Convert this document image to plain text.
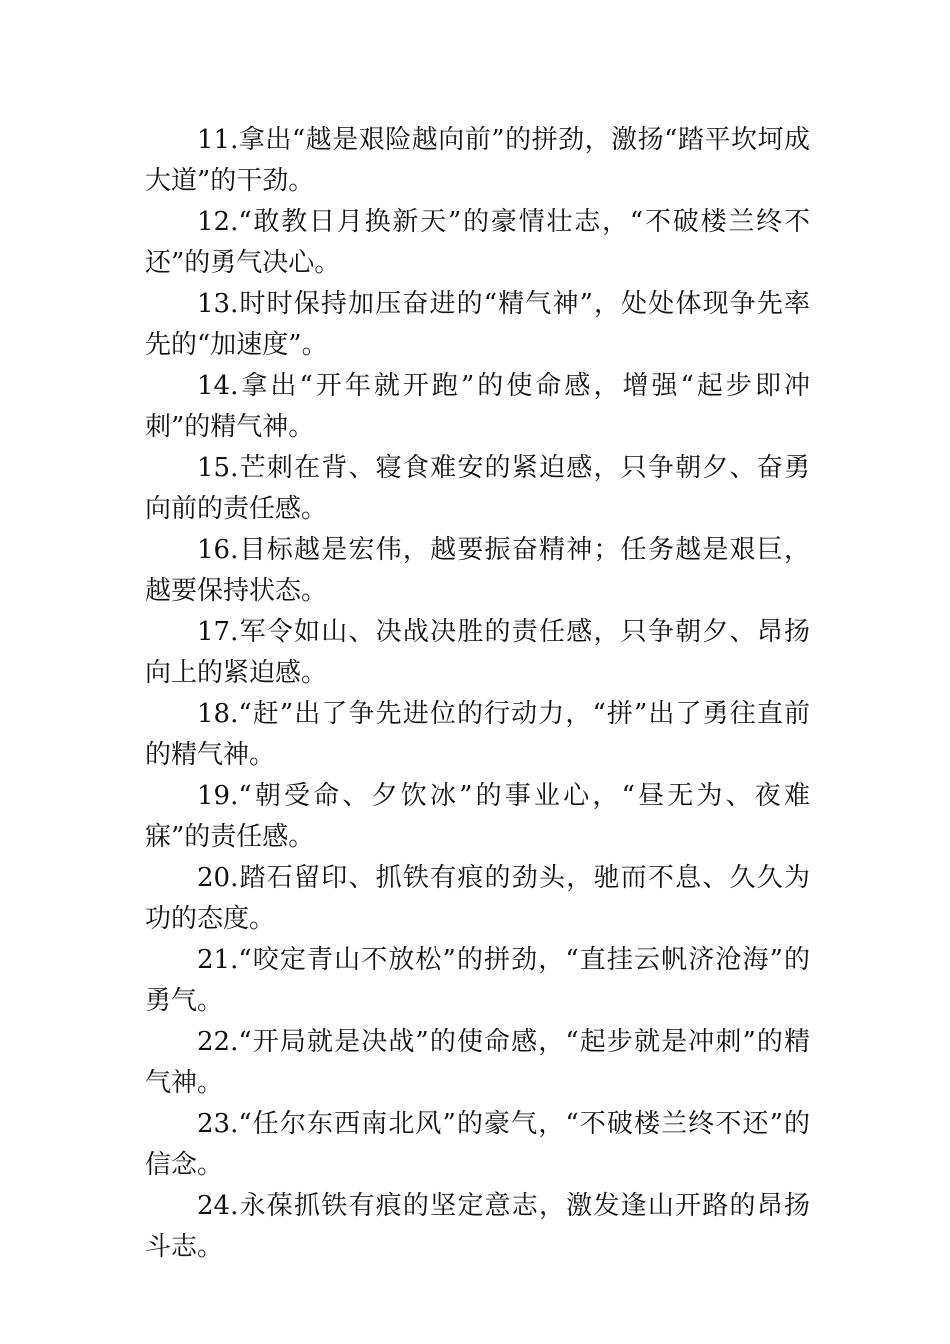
11.拿出“越是艰险越向前”的拼劲，激扬“踏平坎坷成大道”的干劲。

12.“敢教日月换新天”的豪情壮志，“不破楼兰终不还”的勇气决心。

13.时时保持加压奋进的“精气神”，处处体现争先率先的“加速度”。

14.拿出“开年就开跑”的使命感，增强“起步即冲刺”的精气神。

15.芒刺在背、寝食难安的紧迫感，只争朝夕、奋勇向前的责任感。

16.目标越是宏伟，越要振奋精神；任务越是艰巨，越要保持状态。

17.军令如山、决战决胜的责任感，只争朝夕、昂扬向上的紧迫感。

18.“赶”出了争先进位的行动力，“拼”出了勇往直前的精气神。

19.“朝受命、夕饮冰”的事业心，“昼无为、夜难寐”的责任感。

20.踏石留印、抓铁有痕的劲头，驰而不息、久久为功的态度。

21.“咬定青山不放松”的拼劲，“直挂云帆济沧海”的勇气。

22.“开局就是决战”的使命感，“起步就是冲刺”的精气神。

23.“任尔东西南北风”的豪气，“不破楼兰终不还”的信念。

24.永葆抓铁有痕的坚定意志，激发逢山开路的昂扬斗志。
